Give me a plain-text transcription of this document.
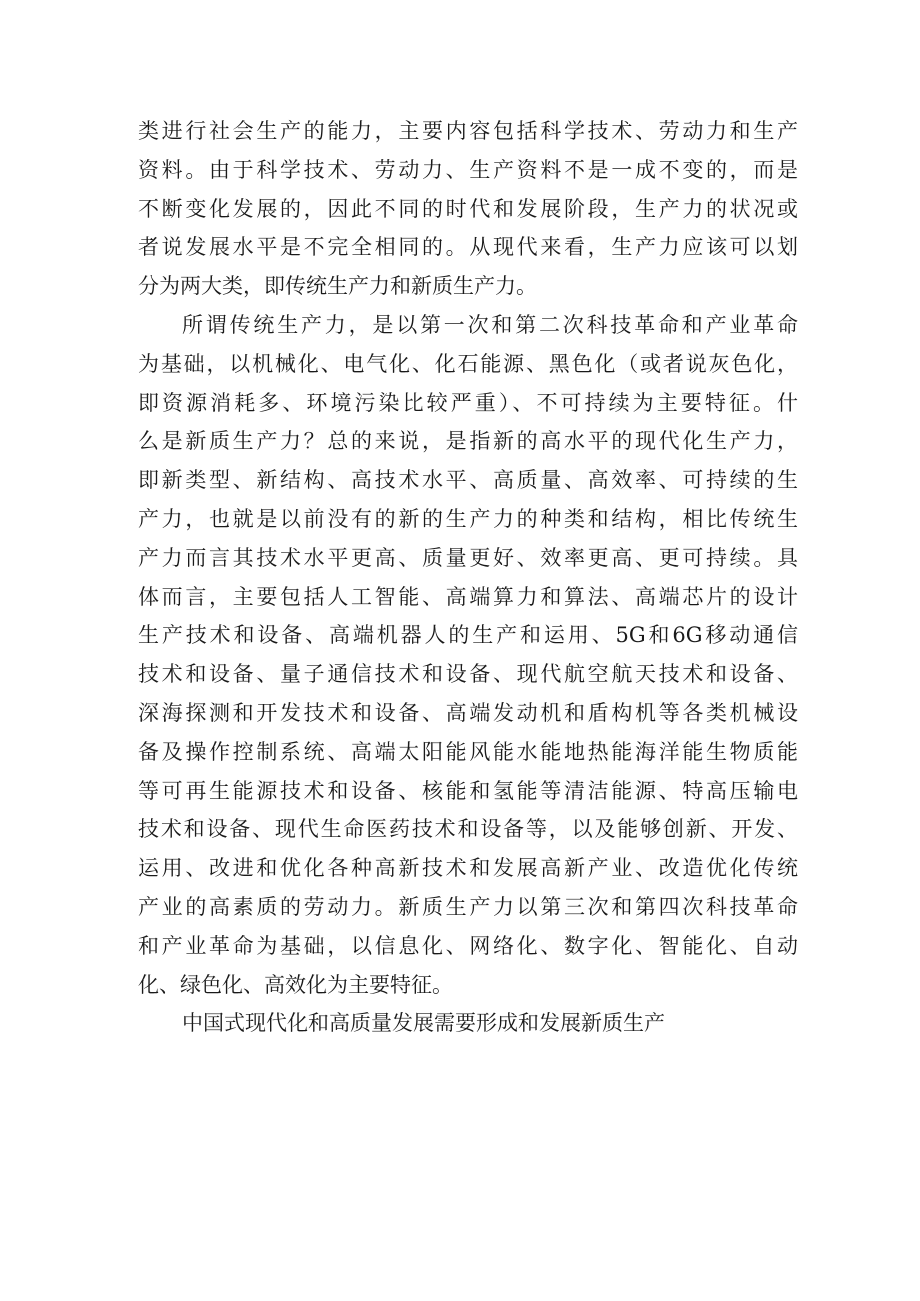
类进行社会生产的能力，主要内容包括科学技术、劳动力和生产
资料。由于科学技术、劳动力、生产资料不是一成不变的，而是
不断变化发展的，因此不同的时代和发展阶段，生产力的状况或
者说发展水平是不完全相同的。从现代来看，生产力应该可以划
分为两大类，即传统生产力和新质生产力。
所谓传统生产力，是以第一次和第二次科技革命和产业革命
为基础，以机械化、电气化、化石能源、黑色化（或者说灰色化，
即资源消耗多、环境污染比较严重）、不可持续为主要特征。什
么是新质生产力？总的来说，是指新的高水平的现代化生产力，
即新类型、新结构、高技术水平、高质量、高效率、可持续的生
产力，也就是以前没有的新的生产力的种类和结构，相比传统生
产力而言其技术水平更高、质量更好、效率更高、更可持续。具
体而言，主要包括人工智能、高端算力和算法、高端芯片的设计
生产技术和设备、高端机器人的生产和运用、5G和6G移动通信
技术和设备、量子通信技术和设备、现代航空航天技术和设备、
深海探测和开发技术和设备、高端发动机和盾构机等各类机械设
备及操作控制系统、高端太阳能风能水能地热能海洋能生物质能
等可再生能源技术和设备、核能和氢能等清洁能源、特高压输电
技术和设备、现代生命医药技术和设备等，以及能够创新、开发、
运用、改进和优化各种高新技术和发展高新产业、改造优化传统
产业的高素质的劳动力。新质生产力以第三次和第四次科技革命
和产业革命为基础，以信息化、网络化、数字化、智能化、自动
化、绿色化、高效化为主要特征。
中国式现代化和高质量发展需要形成和发展新质生产
